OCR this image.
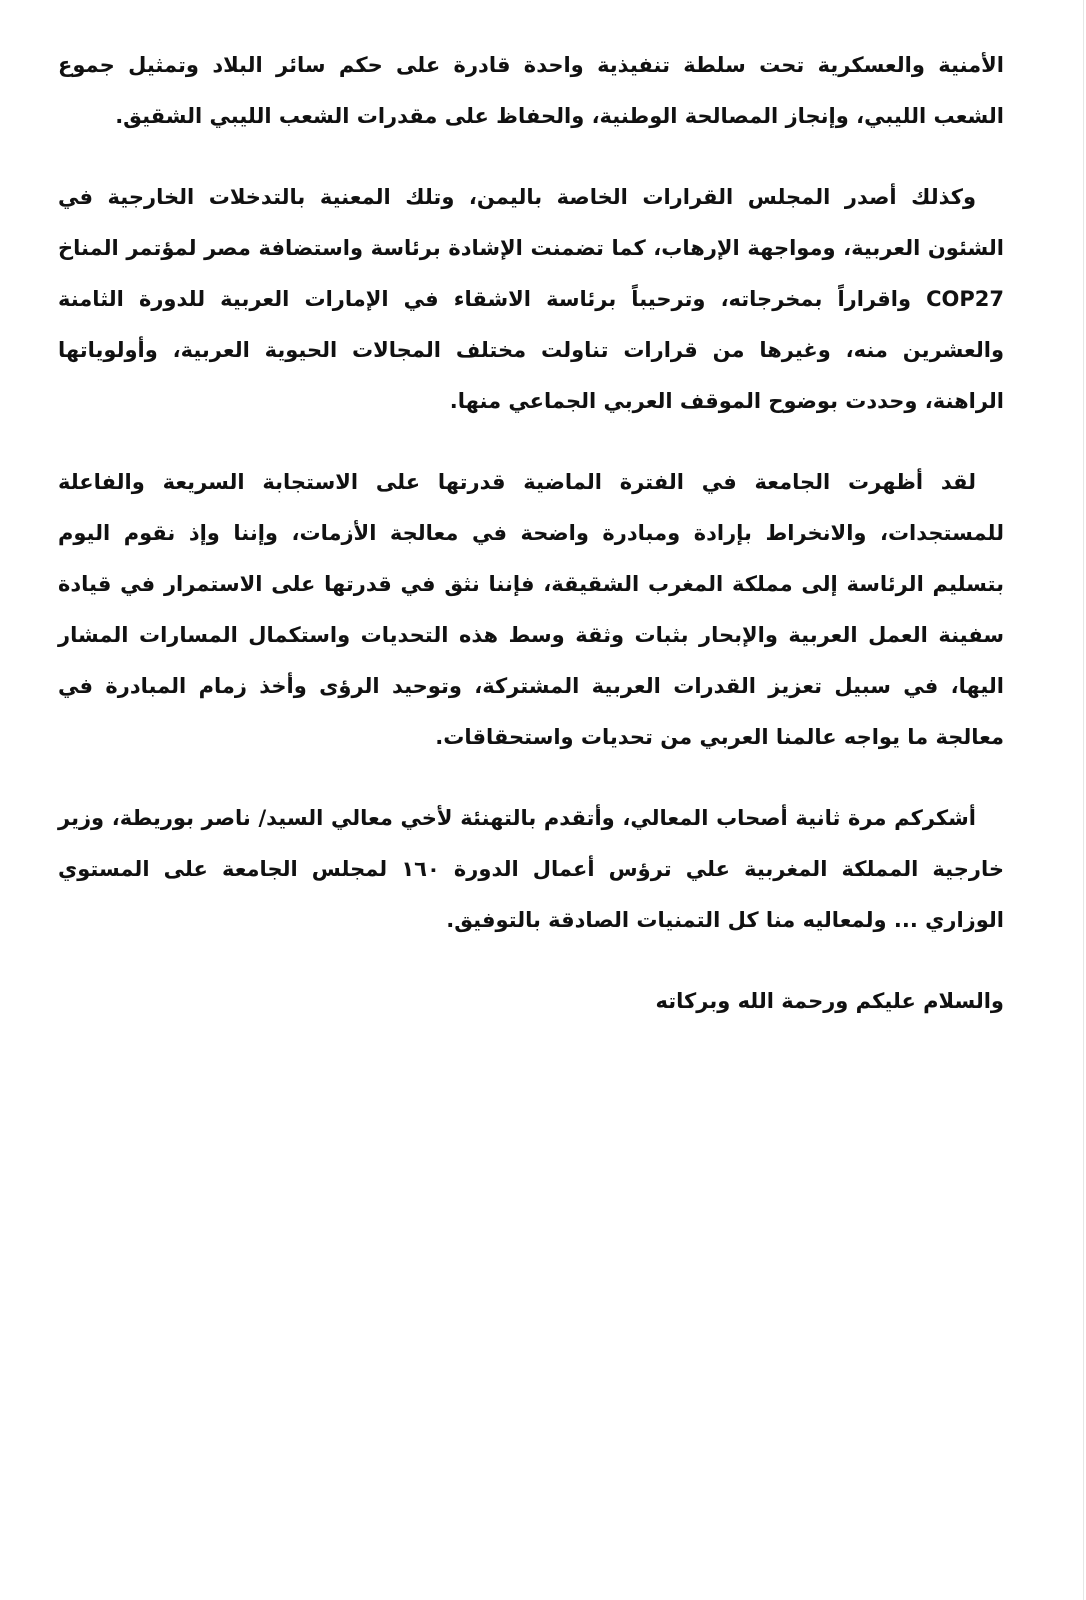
الأمنية والعسكرية تحت سلطة تنفيذية واحدة قادرة على حكم سائر البلاد وتمثيل جموع الشعب الليبي، وإنجاز المصالحة الوطنية، والحفاظ على مقدرات الشعب الليبي الشقيق.

وكذلك أصدر المجلس القرارات الخاصة باليمن، وتلك المعنية بالتدخلات الخارجية في الشئون العربية، ومواجهة الإرهاب، كما تضمنت الإشادة برئاسة واستضافة مصر لمؤتمر المناخ COP27 واقراراً بمخرجاته، وترحيباً برئاسة الاشقاء في الإمارات العربية للدورة الثامنة والعشرين منه، وغيرها من قرارات تناولت مختلف المجالات الحيوية العربية، وأولوياتها الراهنة، وحددت بوضوح الموقف العربي الجماعي منها.

لقد أظهرت الجامعة في الفترة الماضية قدرتها على الاستجابة السريعة والفاعلة للمستجدات، والانخراط بإرادة ومبادرة واضحة في معالجة الأزمات، وإننا وإذ نقوم اليوم بتسليم الرئاسة إلى مملكة المغرب الشقيقة، فإننا نثق في قدرتها على الاستمرار في قيادة سفينة العمل العربية والإبحار بثبات وثقة وسط هذه التحديات واستكمال المسارات المشار اليها، في سبيل تعزيز القدرات العربية المشتركة، وتوحيد الرؤى وأخذ زمام المبادرة في معالجة ما يواجه عالمنا العربي من تحديات واستحقاقات.

أشكركم مرة ثانية أصحاب المعالي، وأتقدم بالتهنئة لأخي معالي السيد/ ناصر بوريطة، وزير خارجية المملكة المغربية علي ترؤس أعمال الدورة ١٦٠ لمجلس الجامعة على المستوي الوزاري ... ولمعاليه منا كل التمنيات الصادقة بالتوفيق.

والسلام عليكم ورحمة الله وبركاته
